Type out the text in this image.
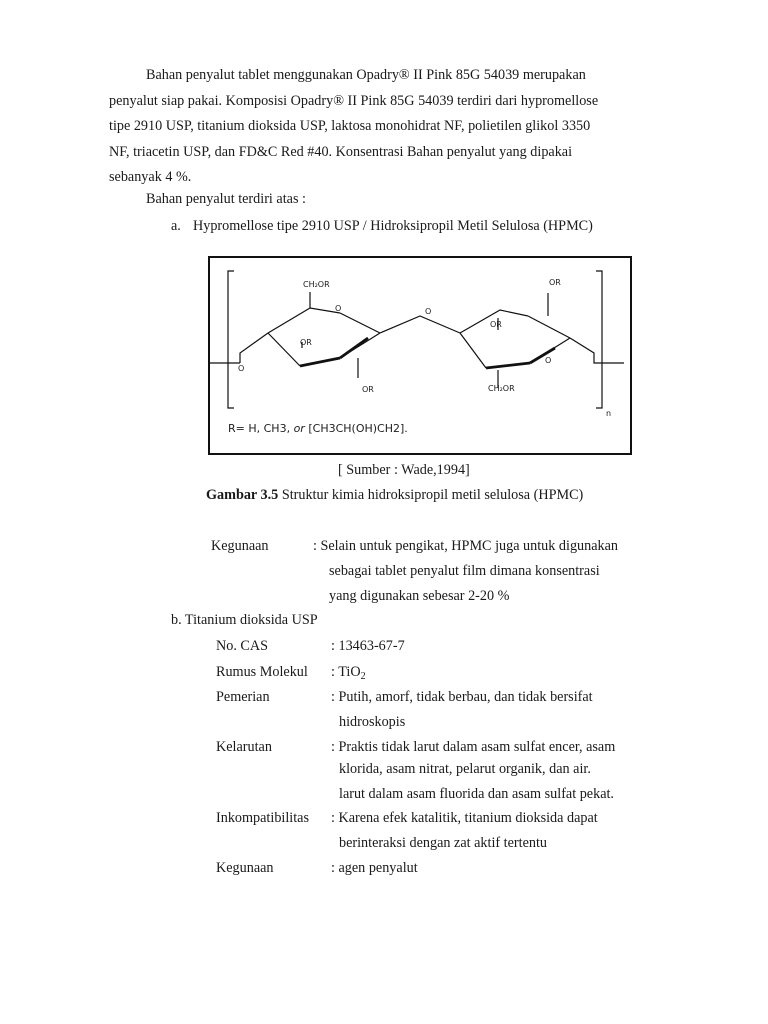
Bahan penyalut tablet menggunakan Opadry® II Pink 85G 54039 merupakan
penyalut siap pakai. Komposisi Opadry® II Pink 85G 54039 terdiri dari hypromellose
tipe 2910 USP, titanium dioksida USP, laktosa monohidrat NF, polietilen glikol 3350
NF, triacetin USP, dan FD&C Red #40. Konsentrasi Bahan penyalut yang dipakai
sebanyak 4 %.
Bahan penyalut terdiri atas :
a. Hypromellose tipe 2910 USP / Hidroksipropil Metil Selulosa (HPMC)
CH₂OR
O	O
OR
OR
OR
OR	CH₂OR
O
O
n
R= H, CH3, or [CH3CH(OH)CH2].
[ Sumber : Wade,1994]
Gambar 3.5 Struktur kimia hidroksipropil metil selulosa (HPMC)
Kegunaan	: Selain untuk pengikat, HPMC juga untuk digunakan
sebagai tablet penyalut film dimana konsentrasi
yang digunakan sebesar 2-20 %
b. Titanium dioksida USP
No. CAS	: 13463-67-7
Rumus Molekul : TiO$_2$
Pemerian	: Putih, amorf, tidak berbau, dan tidak bersifat
hidroskopis
Kelarutan	: Praktis tidak larut dalam asam sulfat encer, asam
klorida, asam nitrat, pelarut organik, dan air.
larut dalam asam fluorida dan asam sulfat pekat.
Inkompatibilitas : Karena efek katalitik, titanium dioksida dapat
berinteraksi dengan zat aktif tertentu
Kegunaan	: agen penyalut
